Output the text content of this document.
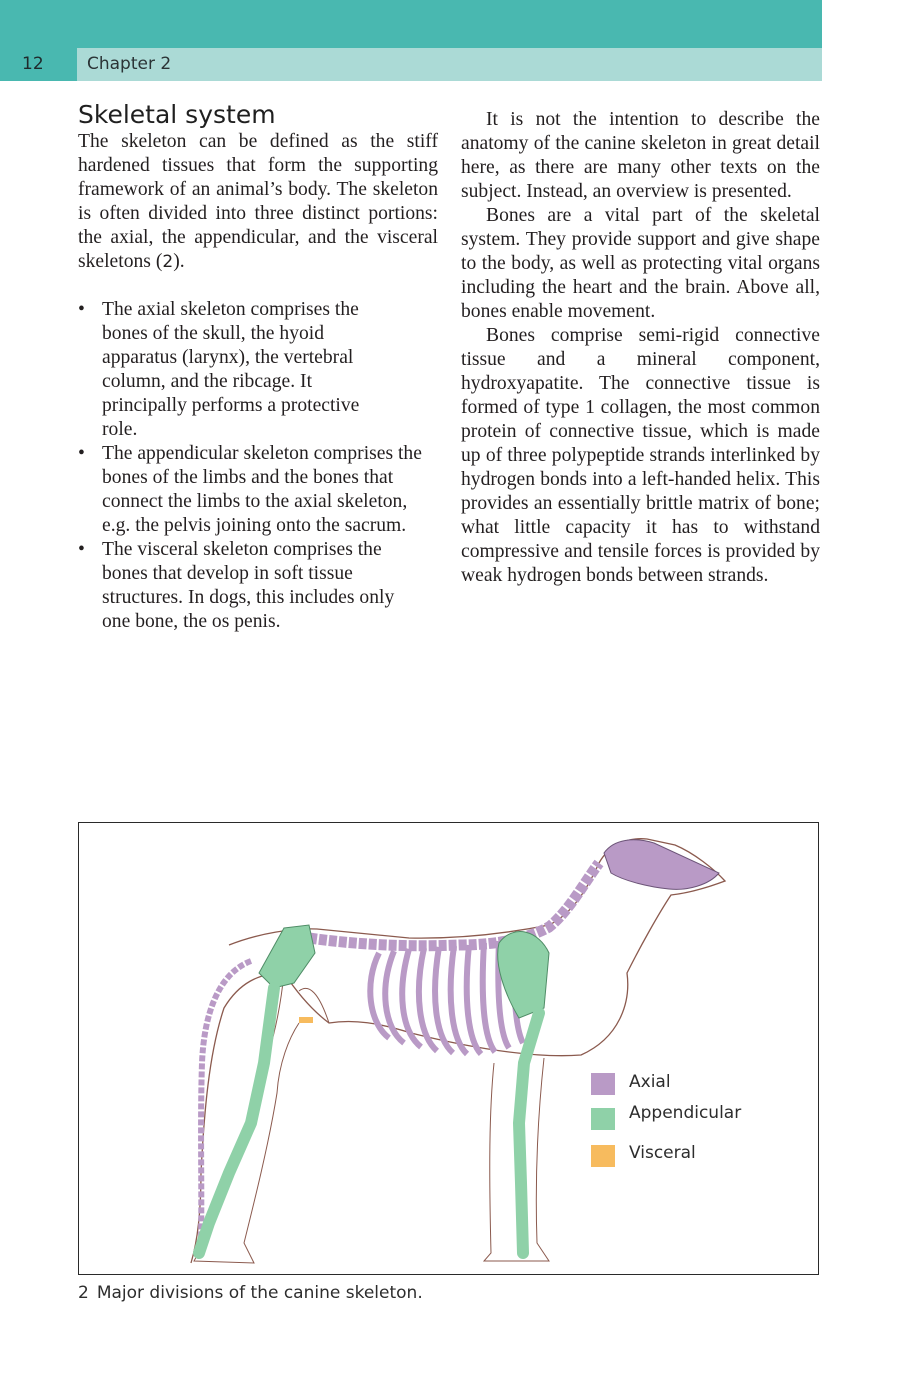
12	Chapter 2
Skeletal system

The skeleton can be defined as the stiff hardened tissues that form the supporting framework of an animal’s body. The skeleton is often divided into three distinct portions: the axial, the appendicular, and the visceral skeletons (2).

• The axial skeleton comprises the bones of the skull, the hyoid apparatus (larynx), the vertebral column, and the ribcage. It principally performs a protective role.
• The appendicular skeleton comprises the bones of the limbs and the bones that connect the limbs to the axial skeleton, e.g. the pelvis joining onto the sacrum.
• The visceral skeleton comprises the bones that develop in soft tissue structures. In dogs, this includes only one bone, the os penis.

It is not the intention to describe the anatomy of the canine skeleton in great detail here, as there are many other texts on the subject. Instead, an overview is presented.

Bones are a vital part of the skeletal system. They provide support and give shape to the body, as well as protecting vital organs including the heart and the brain. Above all, bones enable movement.

Bones comprise semi-rigid connective tissue and a mineral component, hydroxyapatite. The connective tissue is formed of type 1 collagen, the most common protein of connective tissue, which is made up of three polypeptide strands interlinked by hydrogen bonds into a left-handed helix. This provides an essentially brittle matrix of bone; what little capacity it has to withstand compressive and tensile forces is provided by weak hydrogen bonds between strands.

Axial
Appendicular
Visceral
2 Major divisions of the canine skeleton.
